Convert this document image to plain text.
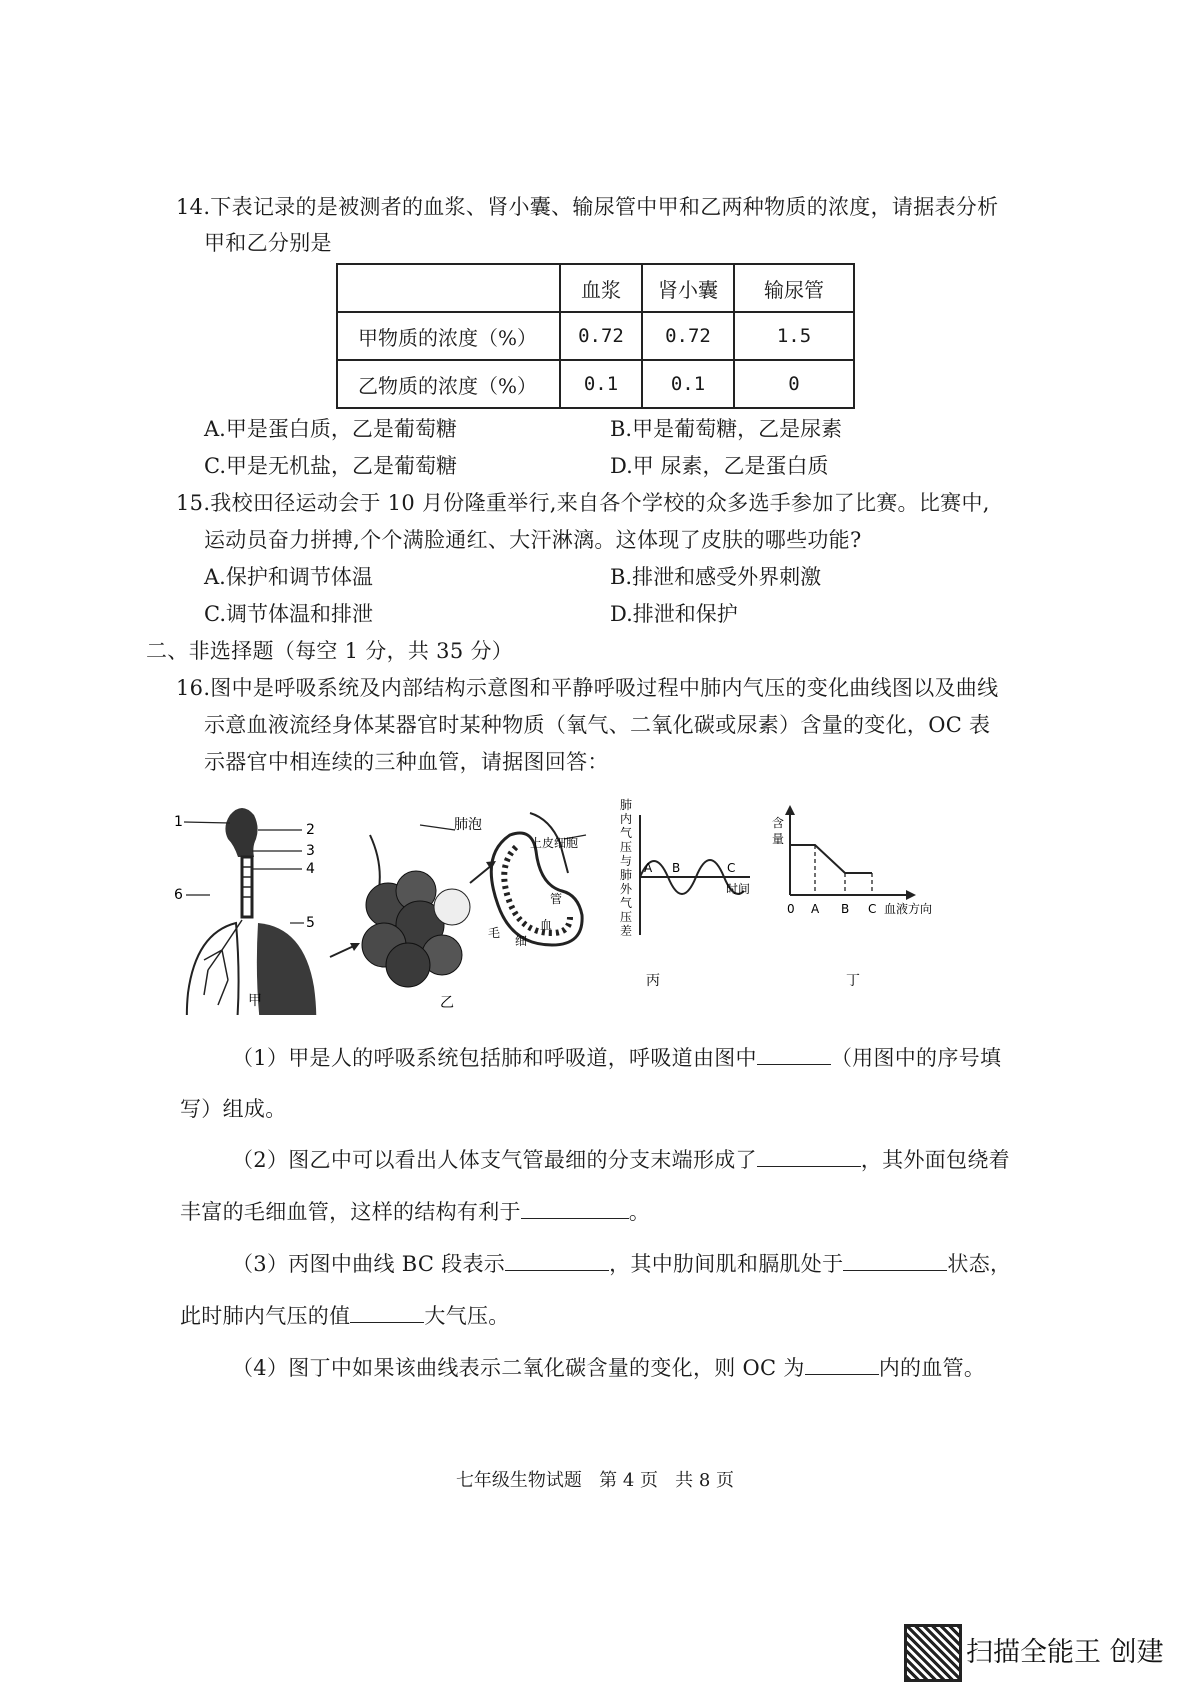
14.下表记录的是被测者的血浆、肾小囊、输尿管中甲和乙两种物质的浓度，请据表分析
甲和乙分别是
	血浆	肾小囊	输尿管
甲物质的浓度（%）	0.72	0.72	1.5
乙物质的浓度（%）	0.1	0.1	0
A.甲是蛋白质，乙是葡萄糖	B.甲是葡萄糖，乙是尿素
C.甲是无机盐，乙是葡萄糖	D.甲 尿素，乙是蛋白质
15.我校田径运动会于 10 月份隆重举行,来自各个学校的众多选手参加了比赛。比赛中,
运动员奋力拼搏,个个满脸通红、大汗淋漓。这体现了皮肤的哪些功能?
A.保护和调节体温	B.排泄和感受外界刺激
C.调节体温和排泄	D.排泄和保护
二、非选择题（每空 1 分，共 35 分）
16.图中是呼吸系统及内部结构示意图和平静呼吸过程中肺内气压的变化曲线图以及曲线
示意血液流经身体某器官时某种物质（氧气、二氧化碳或尿素）含量的变化，OC 表
示器官中相连续的三种血管，请据图回答：
1	2
3
4
5
6
甲
肺泡
乙
上皮细胞
毛
细
血
管
肺
内
气
压
与
肺
外
气
压
差
A B	C
时间
丙
含
量
0 A B C 血液方向
丁
（1）甲是人的呼吸系统包括肺和呼吸道，呼吸道由图中	（用图中的序号填
写）组成。
（2）图乙中可以看出人体支气管最细的分支末端形成了	，其外面包绕着
丰富的毛细血管，这样的结构有利于	。
（3）丙图中曲线 BC 段表示	，其中肋间肌和膈肌处于	状态，
此时肺内气压的值	大气压。
（4）图丁中如果该曲线表示二氧化碳含量的变化，则 OC 为	内的血管。
七年级生物试题   第 4 页   共 8 页
扫描全能王 创建
